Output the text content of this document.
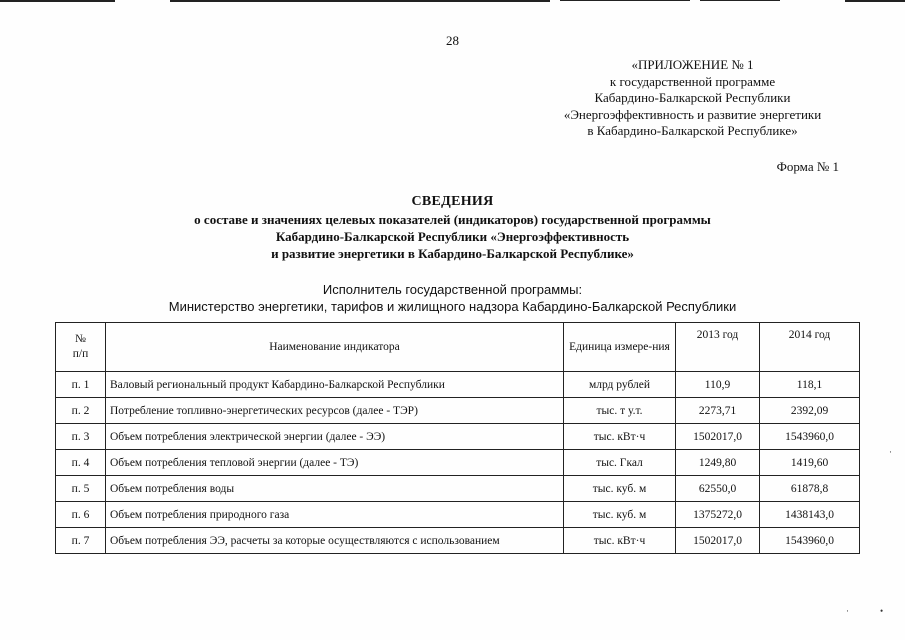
28
«ПРИЛОЖЕНИЕ № 1
к государственной программе
Кабардино-Балкарской Республики
«Энергоэффективность и развитие энергетики
в Кабардино-Балкарской Республике»
Форма № 1
СВЕДЕНИЯ
о составе и значениях целевых показателей (индикаторов) государственной программы
Кабардино-Балкарской Республики «Энергоэффективность
и развитие энергетики в Кабардино-Балкарской Республике»
Исполнитель государственной программы:
Министерство энергетики, тарифов и жилищного надзора Кабардино-Балкарской Республики
№
п/п	Наименование индикатора	Единица измере-ния	2013 год	2014 год
п. 1	Валовый региональный продукт Кабардино-Балкарской Республики	млрд рублей	110,9	118,1
п. 2	Потребление топливно-энергетических ресурсов (далее - ТЭР)	тыс. т у.т.	2273,71	2392,09
п. 3	Объем потребления электрической энергии (далее - ЭЭ)	тыс. кВт·ч	1502017,0	1543960,0
п. 4	Объем потребления тепловой энергии (далее - ТЭ)	тыс. Гкал	1249,80	1419,60
п. 5	Объем потребления воды	тыс. куб. м	62550,0	61878,8
п. 6	Объем потребления природного газа	тыс. куб. м	1375272,0	1438143,0
п. 7	Объем потребления ЭЭ, расчеты за которые осуществляются с использованием	тыс. кВт·ч	1502017,0	1543960,0
·
·	•
